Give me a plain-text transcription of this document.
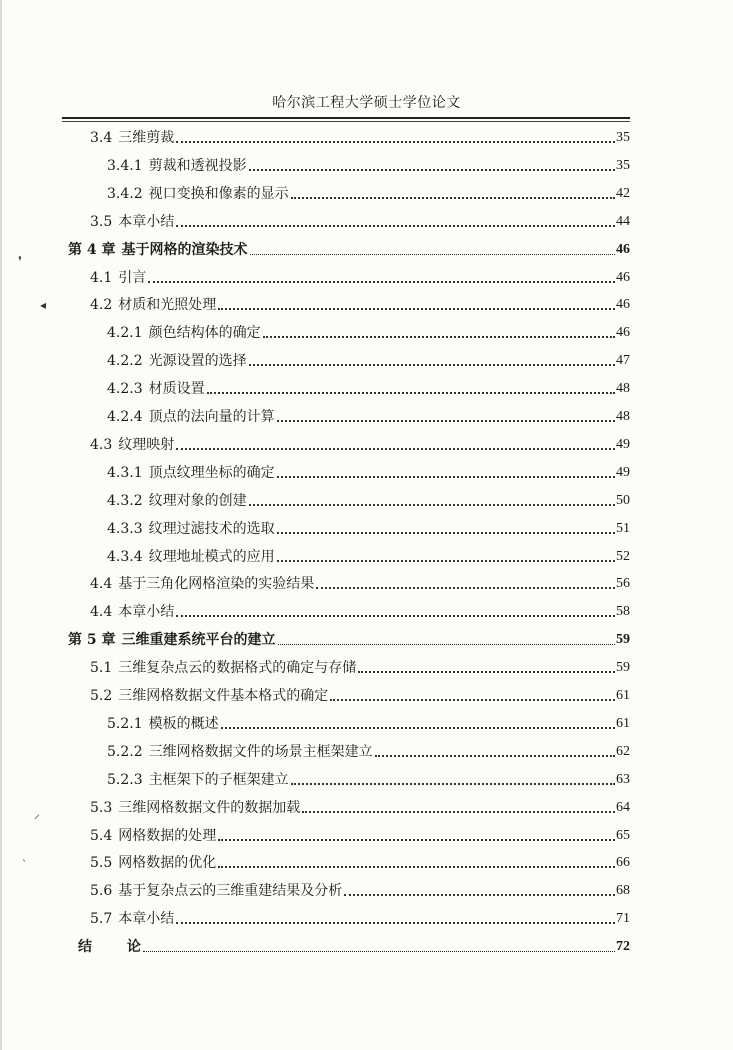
哈尔滨工程大学硕士学位论文
3.4 三维剪裁	35
3.4.1 剪裁和透视投影	35
3.4.2 视口变换和像素的显示	42
3.5 本章小结	44
第 4 章 基于网格的渲染技术	46
4.1 引言	46
4.2 材质和光照处理	46
4.2.1 颜色结构体的确定	46
4.2.2 光源设置的选择	47
4.2.3 材质设置	48
4.2.4 顶点的法向量的计算	48
4.3 纹理映射	49
4.3.1 顶点纹理坐标的确定	49
4.3.2 纹理对象的创建	50
4.3.3 纹理过滤技术的选取	51
4.3.4 纹理地址模式的应用	52
4.4 基于三角化网格渲染的实验结果	56
4.4 本章小结	58
第 5 章 三维重建系统平台的建立	59
5.1 三维复杂点云的数据格式的确定与存储	59
5.2 三维网格数据文件基本格式的确定	61
5.2.1 模板的概述	61
5.2.2 三维网格数据文件的场景主框架建立	62
5.2.3 主框架下的子框架建立	63
5.3 三维网格数据文件的数据加载	64
5.4 网格数据的处理	65
5.5 网格数据的优化	66
5.6 基于复杂点云的三维重建结果及分析	68
5.7 本章小结	71
结 论	72
❜
◂
⸝
˴
